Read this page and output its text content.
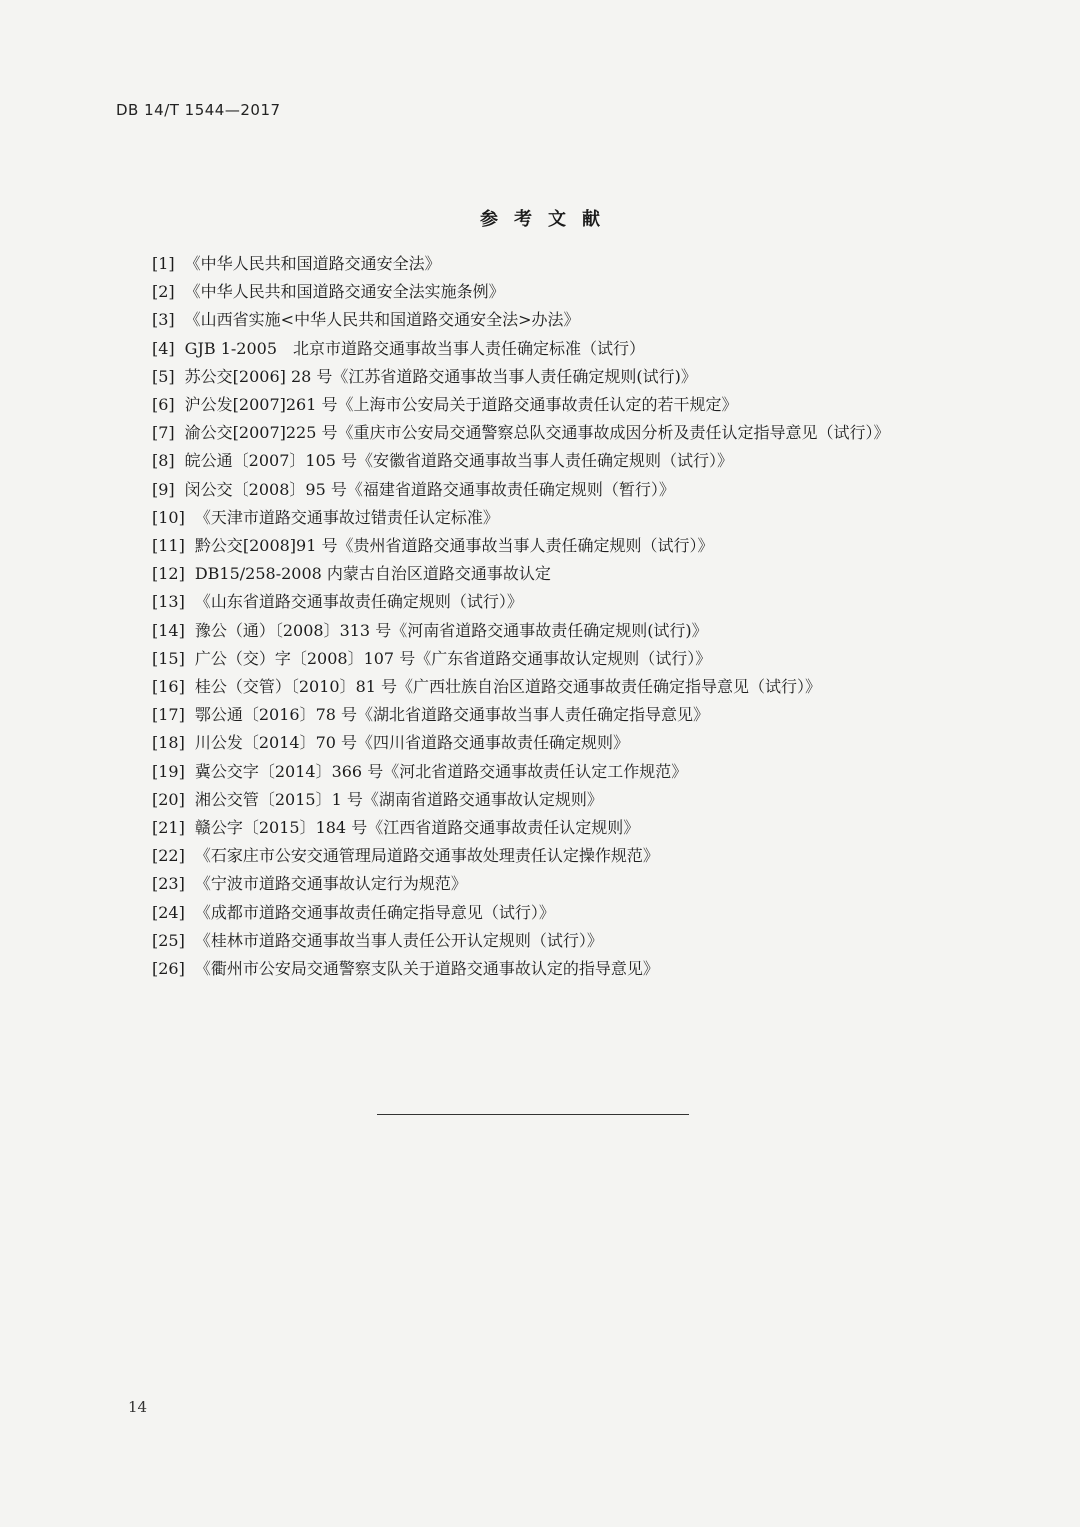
DB 14/T 1544—2017
参考文献
[1] 《中华人民共和国道路交通安全法》
[2] 《中华人民共和国道路交通安全法实施条例》
[3] 《山西省实施<中华人民共和国道路交通安全法>办法》
[4] GJB 1-2005　北京市道路交通事故当事人责任确定标准（试行）
[5] 苏公交[2006] 28 号《江苏省道路交通事故当事人责任确定规则(试行)》
[6] 沪公发[2007]261 号《上海市公安局关于道路交通事故责任认定的若干规定》
[7] 渝公交[2007]225 号《重庆市公安局交通警察总队交通事故成因分析及责任认定指导意见（试行）》
[8] 皖公通〔2007〕105 号《安徽省道路交通事故当事人责任确定规则（试行）》
[9] 闵公交〔2008〕95 号《福建省道路交通事故责任确定规则（暂行）》
[10] 《天津市道路交通事故过错责任认定标准》
[11] 黔公交[2008]91 号《贵州省道路交通事故当事人责任确定规则（试行）》
[12] DB15/258-2008 内蒙古自治区道路交通事故认定
[13] 《山东省道路交通事故责任确定规则（试行）》
[14] 豫公（通）〔2008〕313 号《河南省道路交通事故责任确定规则(试行)》
[15] 广公（交）字〔2008〕107 号《广东省道路交通事故认定规则（试行）》
[16] 桂公（交管）〔2010〕81 号《广西壮族自治区道路交通事故责任确定指导意见（试行）》
[17] 鄂公通〔2016〕78 号《湖北省道路交通事故当事人责任确定指导意见》
[18] 川公发〔2014〕70 号《四川省道路交通事故责任确定规则》
[19] 冀公交字〔2014〕366 号《河北省道路交通事故责任认定工作规范》
[20] 湘公交管〔2015〕1 号《湖南省道路交通事故认定规则》
[21] 赣公字〔2015〕184 号《江西省道路交通事故责任认定规则》
[22] 《石家庄市公安交通管理局道路交通事故处理责任认定操作规范》
[23] 《宁波市道路交通事故认定行为规范》
[24] 《成都市道路交通事故责任确定指导意见（试行）》
[25] 《桂林市道路交通事故当事人责任公开认定规则（试行）》
[26] 《衢州市公安局交通警察支队关于道路交通事故认定的指导意见》
14
